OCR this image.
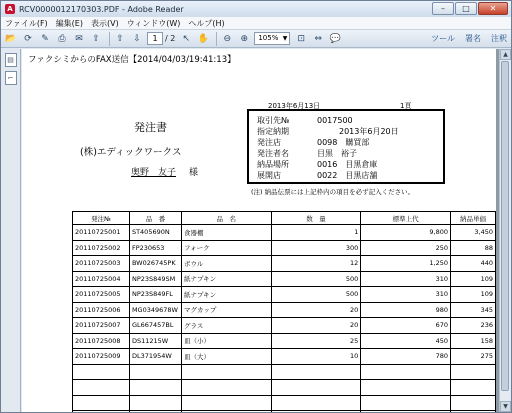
A RCV0000012170303.PDF - Adobe Reader	–	□	✕
ファイル(F)	編集(E)	表示(V)	ウィンドウ(W)	ヘルプ(H)
📂 ⟳	✎	⎙	✉	⇪	⇧	⇩	1 / 2 ↖ ✋	⊖	⊕	105% ▼	⊡	⇔ 💬	ツール 署名 注釈
▤
⌐
ファクシミからのFAX送信【2014/04/03/19:41:13】
2013年6月13日	1頁
発注書
(株)エディックワークス
奥野　友子 様
取引先№	0017500
指定納期	2013年6月20日
発注店	0098　購買部
発注者名	目黒　裕子
納品場所	0016　目黒倉庫
展開店	0022　目黒店舗
(注) 納品伝票には上記枠内の項目を必ず記入ください。
発注№	品　番	品　名	数　量	標準上代	納品単価
20110725001	ST405690N	食器棚	1	9,800	3,450
20110725002	FP230653	フォーク	300	250	88
20110725003	BW026745PK	ボウル	12	1,250	440
20110725004	NP23S849SM	紙ナプキン	500	310	109
20110725005	NP23S849FL	紙ナプキン	500	310	109
20110725006	MG0349678W	マグカップ	20	980	345
20110725007	GL667457BL	グラス	20	670	236
20110725008	DS11215W	皿（小）	25	450	158
20110725009	DL371954W	皿（大）	10	780	275

▲
▼
